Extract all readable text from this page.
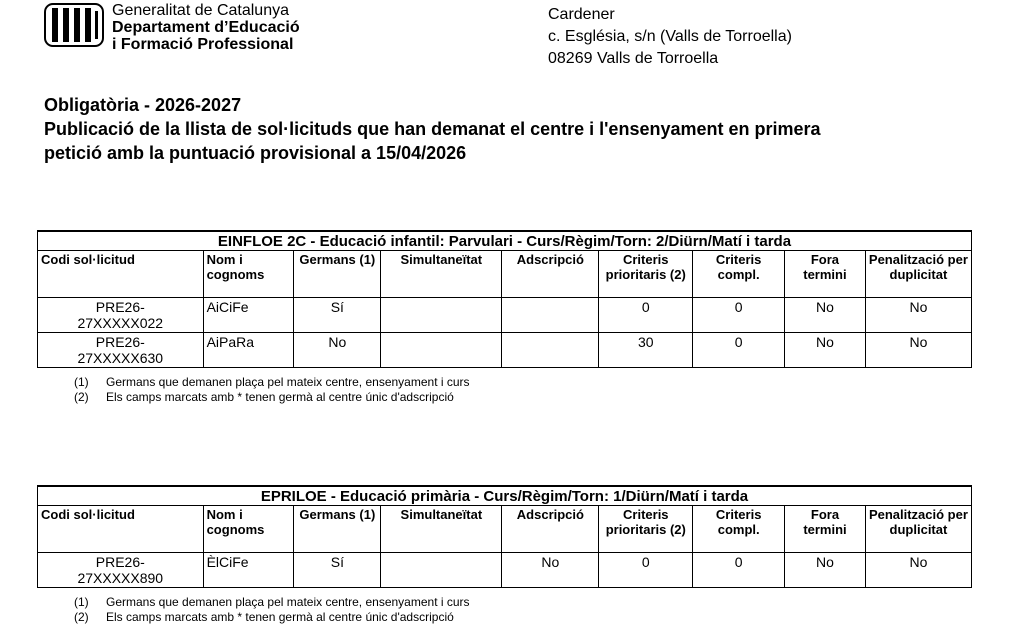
Generalitat de Catalunya
Departament d’Educació
i Formació Professional
Cardener
c. Església, s/n (Valls de Torroella)
08269 Valls de Torroella
Obligatòria - 2026-2027
Publicació de la llista de sol·licituds que han demanat el centre i l'ensenyament en primera
petició amb la puntuació provisional a 15/04/2026
EINFLOE 2C - Educació infantil: Parvulari - Curs/Règim/Torn: 2/Diürn/Matí i tarda								
Codi sol·licitud	Nom i cognoms	Germans (1)	Simultaneïtat	Adscripció	Criteris prioritaris (2)	Criteris compl.	Fora termini	Penalització per duplicitat

PRE26-
27XXXXX022	AiCiFe	Sí			0	0	No	No

PRE26-
27XXXXX630	AiPaRa	No			30	0	No	No
(1) Germans que demanen plaça pel mateix centre, ensenyament i curs
(2) Els camps marcats amb * tenen germà al centre únic d'adscripció
EPRILOE - Educació primària - Curs/Règim/Torn: 1/Diürn/Matí i tarda								
Codi sol·licitud	Nom i cognoms	Germans (1)	Simultaneïtat	Adscripció	Criteris prioritaris (2)	Criteris compl.	Fora termini	Penalització per duplicitat

PRE26-
27XXXXX890	ÈlCiFe	Sí		No	0	0	No	No
(1) Germans que demanen plaça pel mateix centre, ensenyament i curs
(2) Els camps marcats amb * tenen germà al centre únic d'adscripció
